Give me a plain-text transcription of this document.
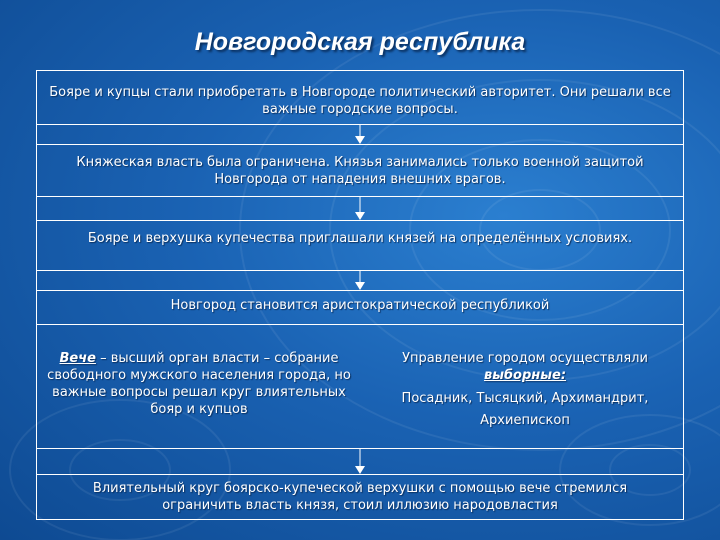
Новгородская республика
Бояре и купцы стали приобретать в Новгороде политический авторитет. Они решали все важные городские вопросы.
Княжеская власть была ограничена. Князья занимались только военной защитой Новгорода от нападения внешних врагов.
Бояре и верхушка купечества приглашали князей на определённых условиях.
Новгород становится аристократической республикой
Влиятельный круг боярско-купеческой верхушки с помощью вече стремился ограничить власть князя, стоил иллюзию народовластия
Вече – высший орган власти – собрание свободного мужского населения города, но важные вопросы решал круг влиятельных бояр и купцов
Управление городом осуществляли
выборные:
Посадник, Тысяцкий, Архимандрит, Архиепископ
